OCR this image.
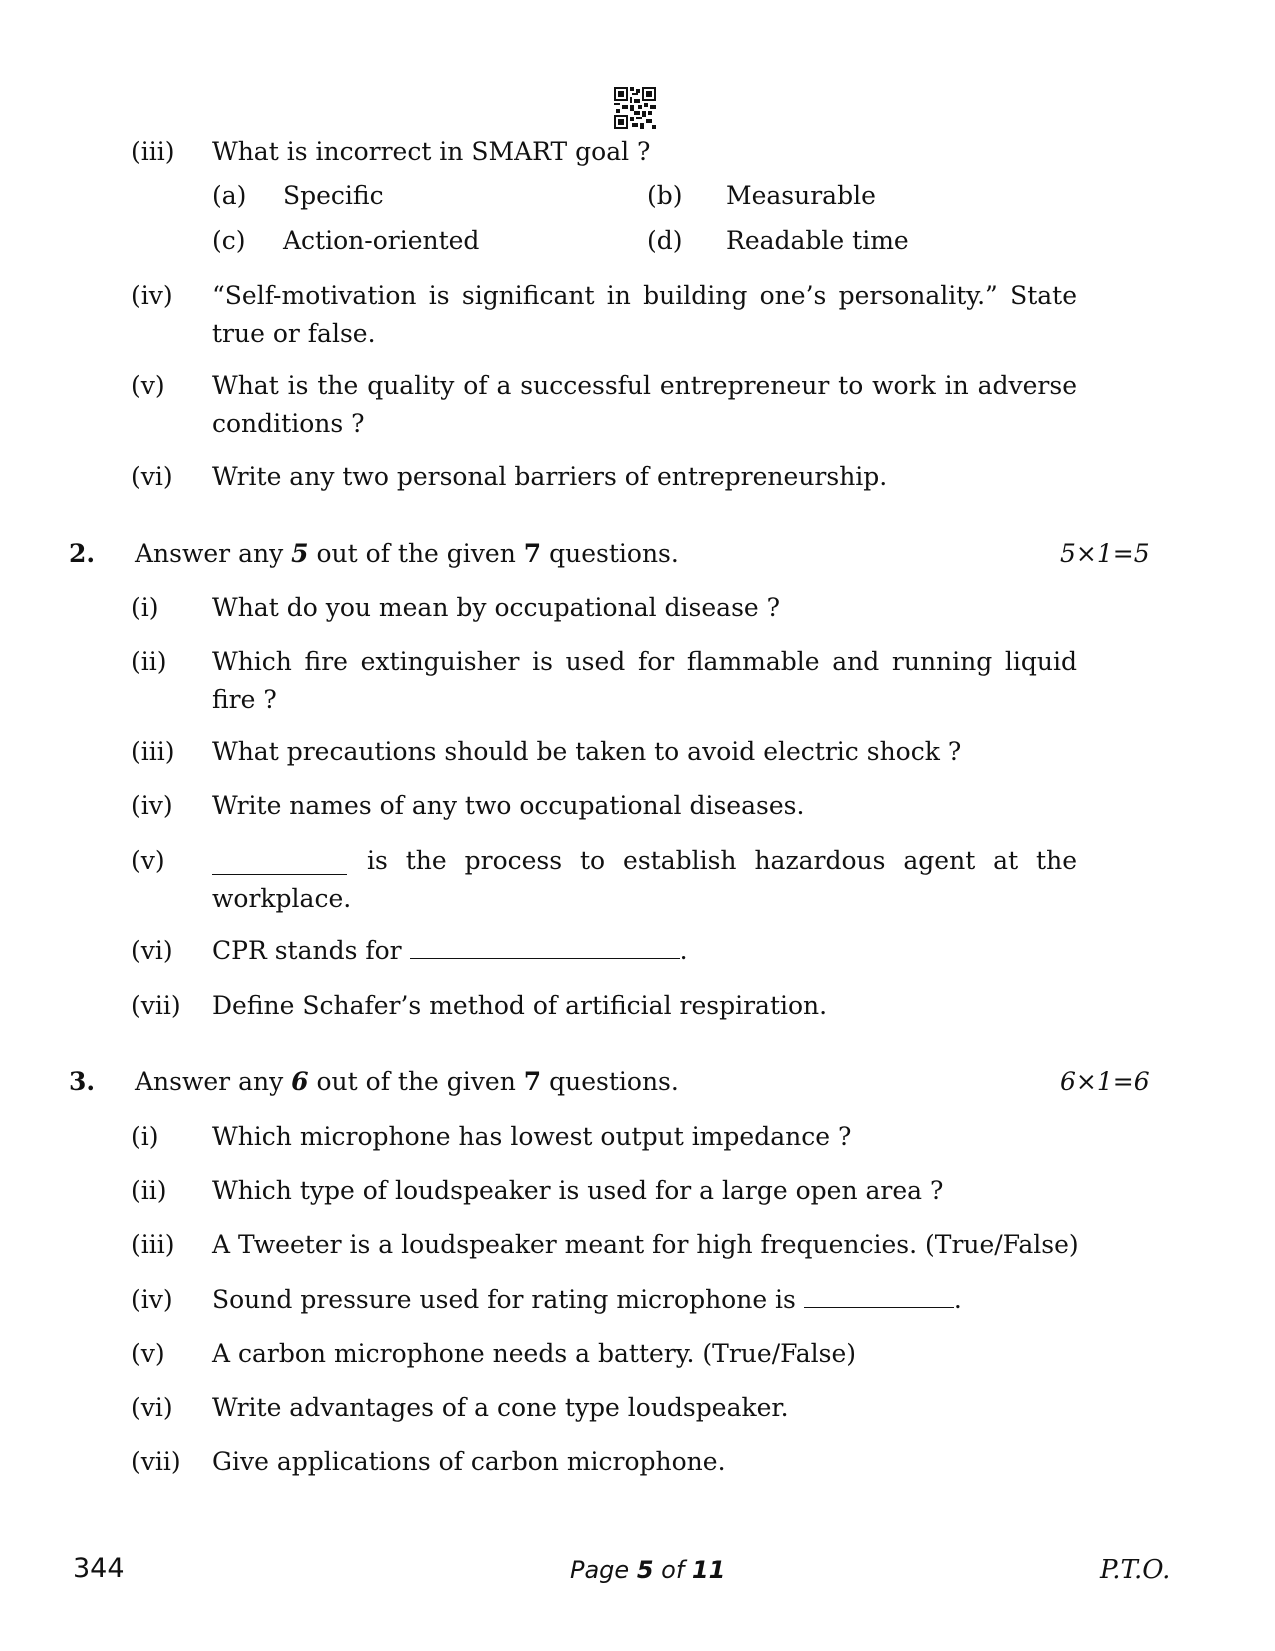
(iii) What is incorrect in SMART goal ?
(a) Specific	(b) Measurable
(c) Action-oriented	(d) Readable time
(iv) “Self-motivation is significant in building one’s personality.” State true or false.
(v) What is the quality of a successful entrepreneur to work in adverse conditions ?
(vi) Write any two personal barriers of entrepreneurship.
2. Answer any 5 out of the given 7 questions.	5×1=5
(i) What do you mean by occupational disease ?
(ii) Which fire extinguisher is used for flammable and running liquid fire ?
(iii) What precautions should be taken to avoid electric shock ?
(iv) Write names of any two occupational diseases.
(v)	is the process to establish hazardous agent at the workplace.
(vi) CPR stands for	.
(vii) Define Schafer’s method of artificial respiration.
3. Answer any 6 out of the given 7 questions.	6×1=6
(i) Which microphone has lowest output impedance ?
(ii) Which type of loudspeaker is used for a large open area ?
(iii) A Tweeter is a loudspeaker meant for high frequencies. (True/False)
(iv) Sound pressure used for rating microphone is	.
(v) A carbon microphone needs a battery. (True/False)
(vi) Write advantages of a cone type loudspeaker.
(vii) Give applications of carbon microphone.
344	Page 5 of 11	P.T.O.
